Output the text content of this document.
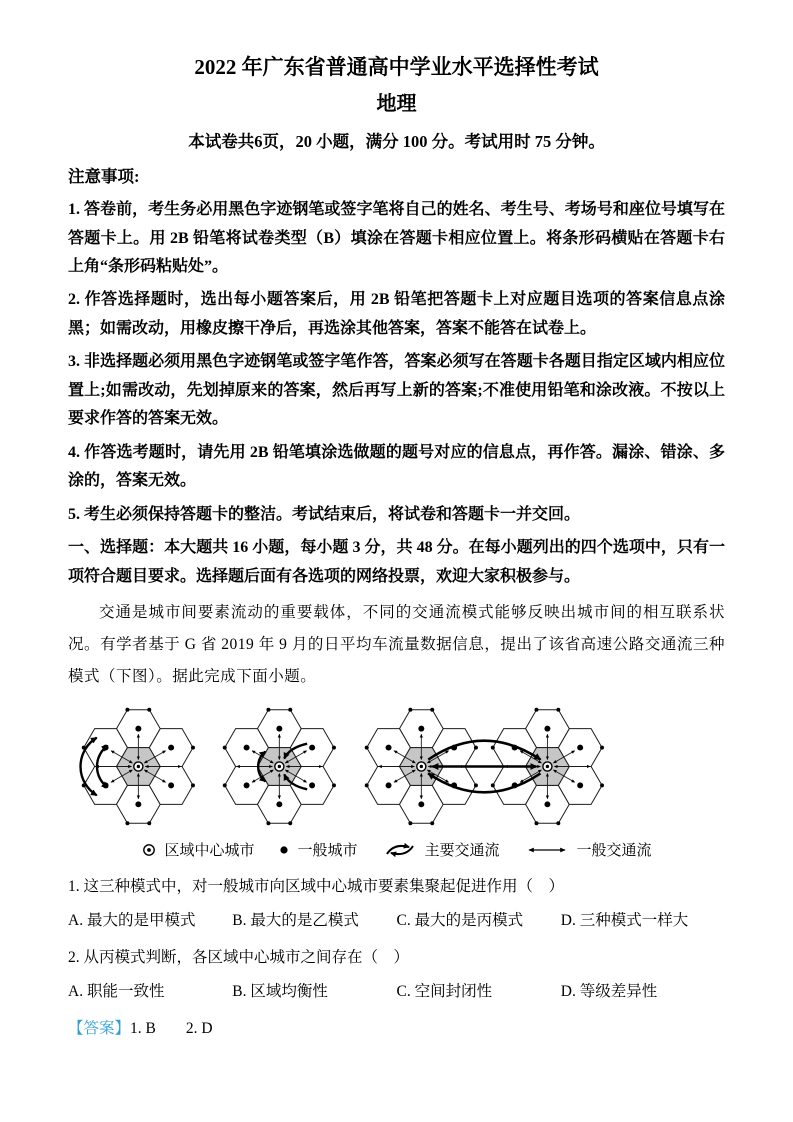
2022 年广东省普通高中学业水平选择性考试
地理
本试卷共6页，20 小题，满分 100 分。考试用时 75 分钟。
注意事项:
1. 答卷前，考生务必用黑色字迹钢笔或签字笔将自己的姓名、考生号、考场号和座位号填写在答题卡上。用 2B 铅笔将试卷类型（B）填涂在答题卡相应位置上。将条形码横贴在答题卡右上角“条形码粘贴处”。
2. 作答选择题时，选出每小题答案后，用 2B 铅笔把答题卡上对应题目选项的答案信息点涂黑；如需改动，用橡皮擦干净后，再选涂其他答案，答案不能答在试卷上。
3. 非选择题必须用黑色字迹钢笔或签字笔作答，答案必须写在答题卡各题目指定区域内相应位置上;如需改动，先划掉原来的答案，然后再写上新的答案;不准使用铅笔和涂改液。不按以上要求作答的答案无效。
4. 作答选考题时，请先用 2B 铅笔填涂选做题的题号对应的信息点，再作答。漏涂、错涂、多涂的，答案无效。
5. 考生必须保持答题卡的整洁。考试结束后，将试卷和答题卡一并交回。
一、选择题：本大题共 16 小题，每小题 3 分，共 48 分。在每小题列出的四个选项中，只有一项符合题目要求。选择题后面有各选项的网络投票，欢迎大家积极参与。
交通是城市间要素流动的重要载体，不同的交通流模式能够反映出城市间的相互联系状况。有学者基于 G 省 2019 年 9 月的日平均车流量数据信息，提出了该省高速公路交通流三种模式（下图）。据此完成下面小题。
区域中心城市	一般城市	主要交通流	一般交通流
1. 这三种模式中，对一般城市向区域中心城市要素集聚起促进作用（　）
A. 最大的是甲模式	B. 最大的是乙模式	C. 最大的是丙模式	D. 三种模式一样大
2. 从丙模式判断，各区域中心城市之间存在（　）
A. 职能一致性	B. 区域均衡性	C. 空间封闭性	D. 等级差异性
【答案】1. B 2. D
